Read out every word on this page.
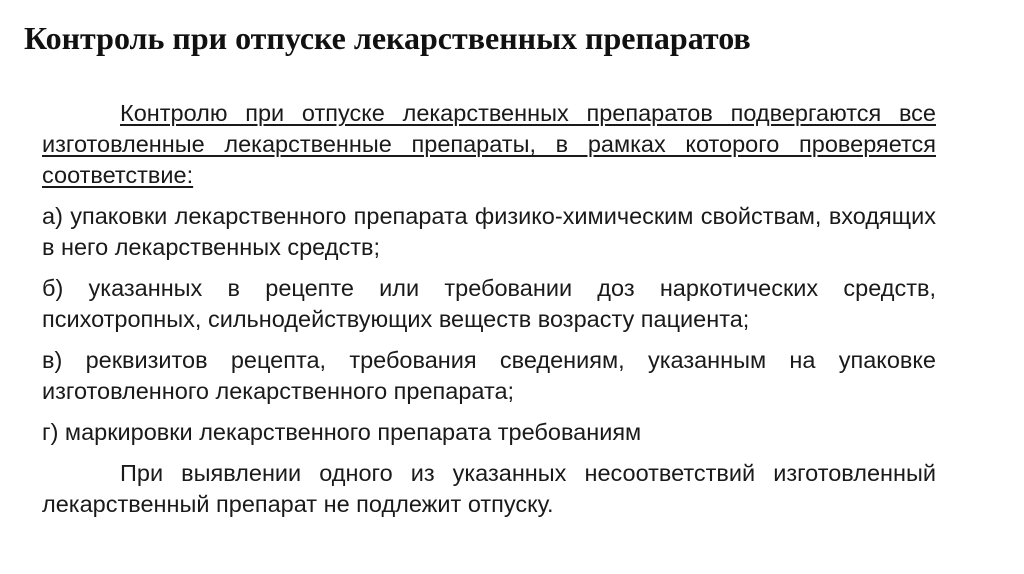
Контроль при отпуске лекарственных препаратов

Контролю при отпуске лекарственных препаратов подвергаются все изготовленные лекарственные препараты, в рамках которого проверяется соответствие:

а) упаковки лекарственного препарата физико-химическим свойствам, входящих в него лекарственных средств;

б) указанных в рецепте или требовании доз наркотических средств, психотропных, сильнодействующих веществ возрасту пациента;

в) реквизитов рецепта, требования сведениям, указанным на упаковке изготовленного лекарственного препарата;

г) маркировки лекарственного препарата требованиям

При выявлении одного из указанных несоответствий изготовленный лекарственный препарат не подлежит отпуску.
